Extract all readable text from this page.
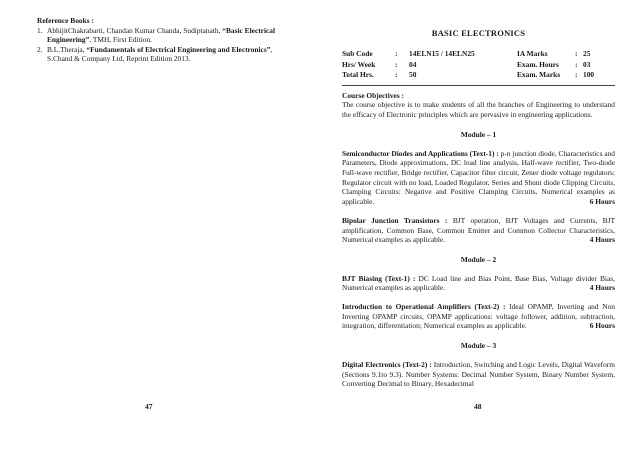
Reference Books :
1. AbhijitChakrabarti, Chandan Kumar Chanda, Sudiptanath, “Basic Electrical Engineering”, TMH, First Edition.
2. B.L.Theraja, “Fundamentals of Electrical Engineering and Electronics”, S.Chand & Company Ltd, Reprint Edition 2013.
47
BASIC ELECTRONICS
Sub Code	:	14ELN15 / 14ELN25	IA Marks	:	25
Hrs/ Week	:	04	Exam. Hours	:	03
Total Hrs.	:	50	Exam. Marks	:	100
Course Objectives :
The course objective is to make students of all the branches of Engineering to understand the efficacy of Electronic principles which are pervasive in engineering applications.
Module – 1
Semiconductor Diodes and Applications (Text-1) : p-n junction diode, Characteristics and Parameters, Diode approximations, DC load line analysis, Half-wave rectifier, Two-diode Full-wave rectifier, Bridge rectifier, Capacitor filter circuit, Zener diode voltage regulators: Regulator circuit with no load, Loaded Regulator, Series and Shunt diode Clipping Circuits, Clamping Circuits: Negative and Positive Clamping Circuits, Numerical examples as applicable.	6 Hours
Bipolar Junction Transistors : BJT operation, BJT Voltages and Currents, BJT amplification, Common Base, Common Emitter and Common Collector Characteristics, Numerical examples as applicable.	4 Hours
Module – 2
BJT Biasing (Text-1) : DC Load line and Bias Point, Base Bias, Voltage divider Bias, Numerical examples as applicable.	4 Hours
Introduction to Operational Amplifiers (Text-2) : Ideal OPAMP, Inverting and Non Inverting OPAMP circuits, OPAMP applications: voltage follower, addition, subtraction, integration, differentiation; Numerical examples as applicable.	6 Hours
Module – 3
Digital Electronics (Text-2) : Introduction, Switching and Logic Levels, Digital Waveform (Sections 9.1to 9.3). Number Systems: Decimal Number System, Binary Number System, Converting Decimal to Binary, Hexadecimal
48
